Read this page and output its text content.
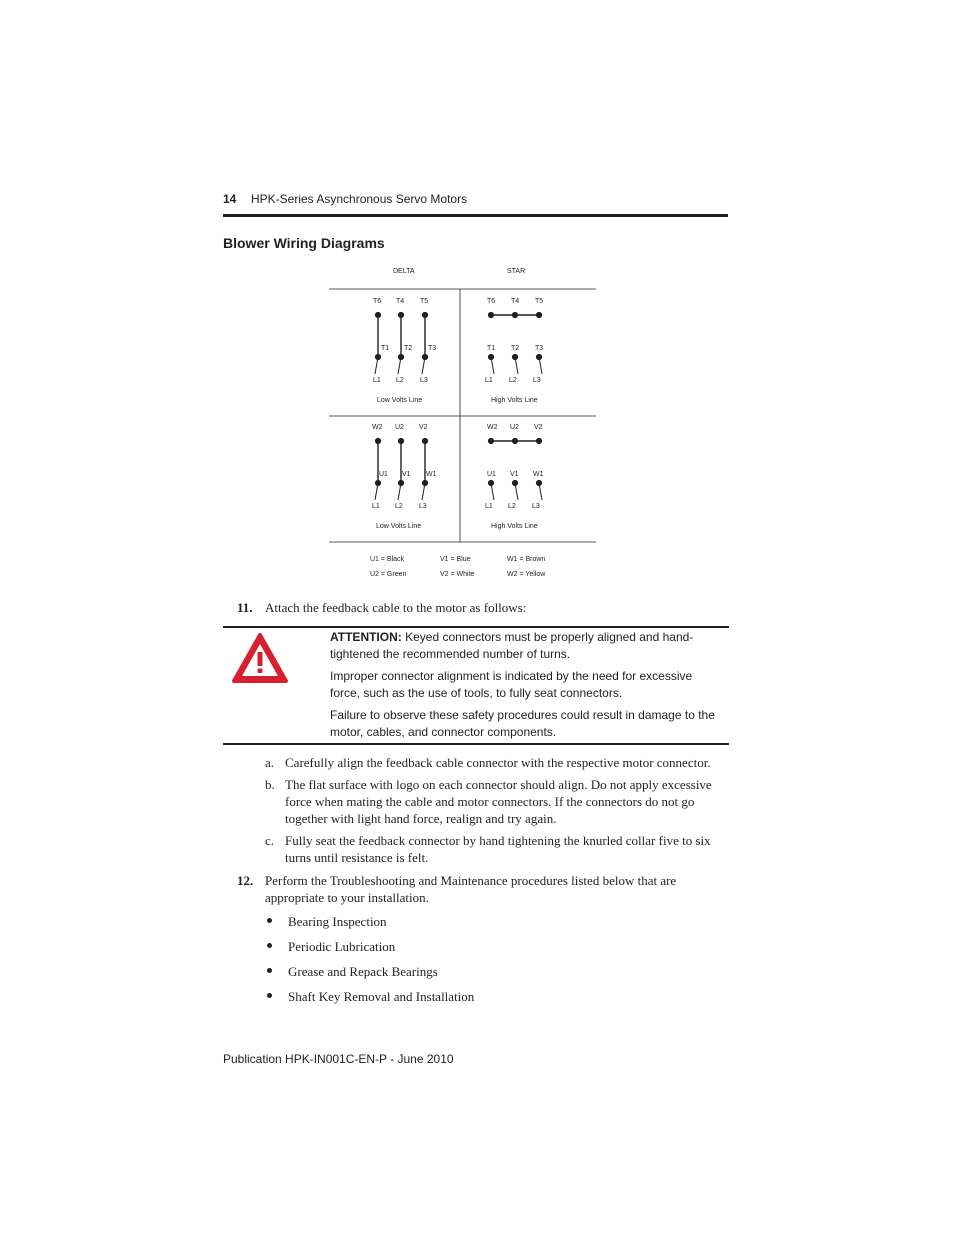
14 HPK-Series Asynchronous Servo Motors
Blower Wiring Diagrams
DELTA	STAR
T6 T4 T5
T1 T2 T3
L1 L2 L3
Low Volts Line
T6 T4 T5
T1 T2 T3
L1 L2 L3
High Volts Line
W2 U2 V2
U1 V1 W1
L1 L2 L3
Low Volts Line
W2 U2 V2
U1 V1 W1
L1 L2 L3
High Volts Line
U1 = Black	V1 = Blue	W1 = Brown
U2 = Green	V2 = White	W2 = Yellow
11. Attach the feedback cable to the motor as follows:
ATTENTION: Keyed connectors must be properly aligned and hand-tightened the recommended number of turns.
Improper connector alignment is indicated by the need for excessive force, such as the use of tools, to fully seat connectors.
Failure to observe these safety procedures could result in damage to the motor, cables, and connector components.
a. Carefully align the feedback cable connector with the respective motor connector.
b. The flat surface with logo on each connector should align. Do not apply excessive force when mating the cable and motor connectors. If the connectors do not go together with light hand force, realign and try again.
c. Fully seat the feedback connector by hand tightening the knurled collar five to six turns until resistance is felt.
12. Perform the Troubleshooting and Maintenance procedures listed below that are appropriate to your installation.
Bearing Inspection
Periodic Lubrication
Grease and Repack Bearings
Shaft Key Removal and Installation
Publication HPK-IN001C-EN-P - June 2010
